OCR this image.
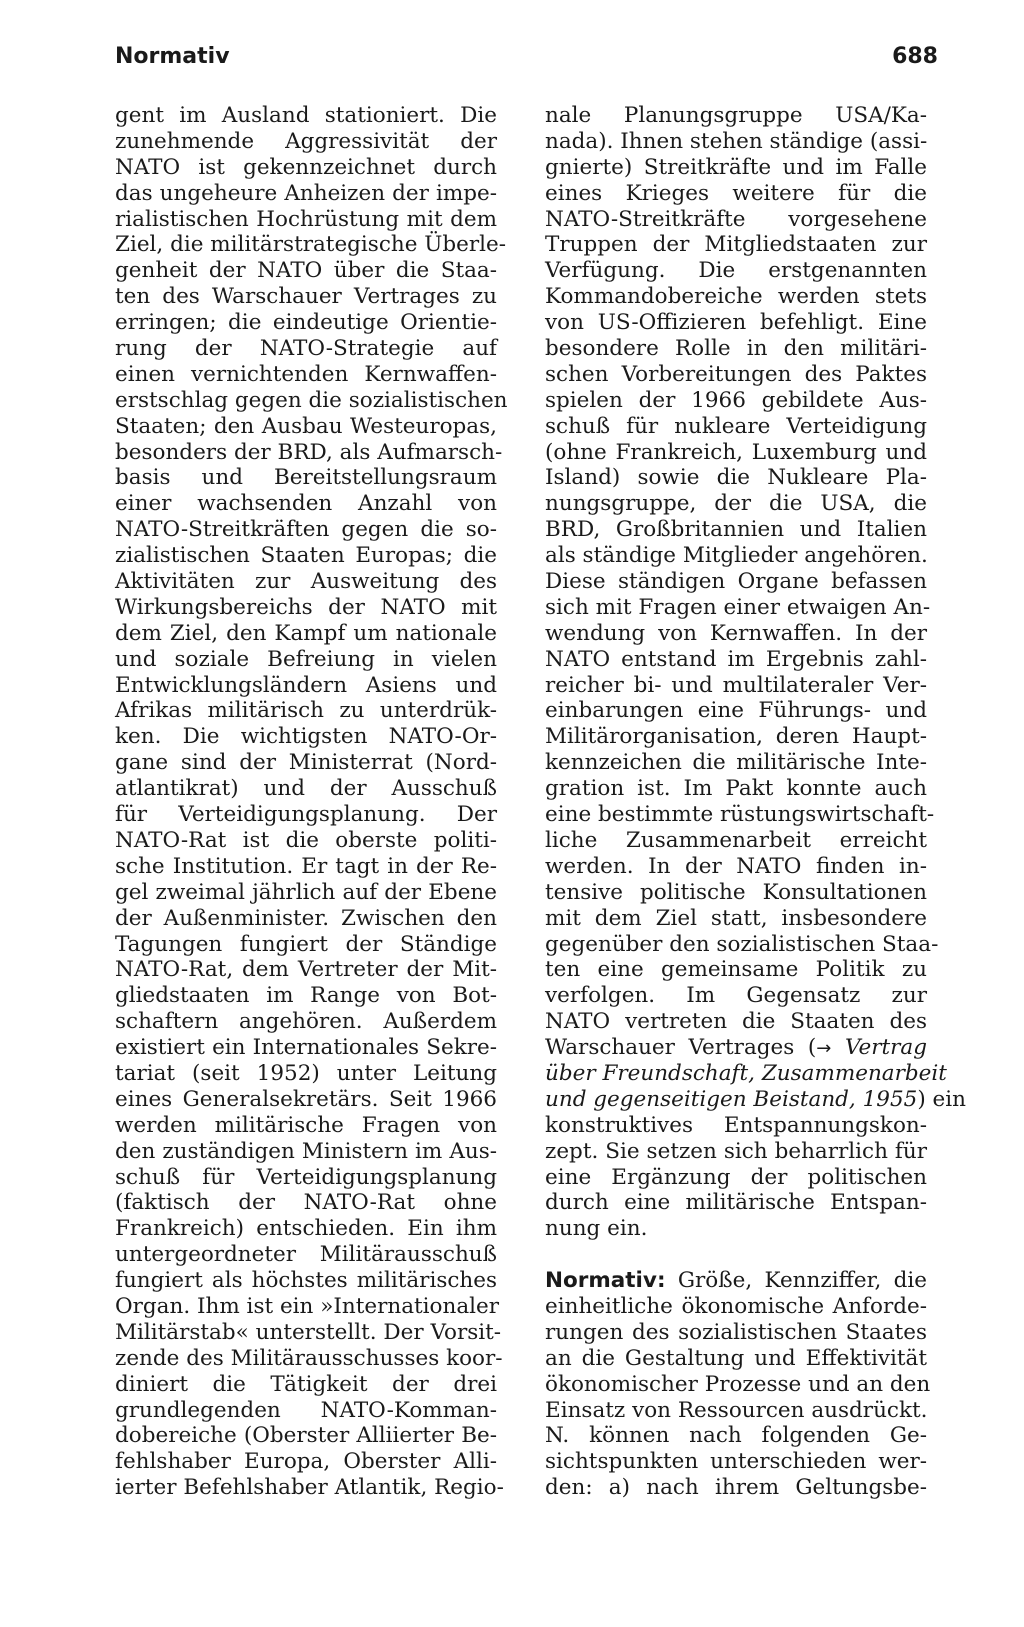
Normativ	688
gent im Ausland stationiert. Die
zunehmende Aggressivität der
NATO ist gekennzeichnet durch
das ungeheure Anheizen der impe-
rialistischen Hochrüstung mit dem
Ziel, die militärstrategische Überle-
genheit der NATO über die Staa-
ten des Warschauer Vertrages zu
erringen; die eindeutige Orientie-
rung der NATO-Strategie auf
einen vernichtenden Kernwaffen-
erstschlag gegen die sozialistischen
Staaten; den Ausbau Westeuropas,
besonders der BRD, als Aufmarsch-
basis und Bereitstellungsraum
einer wachsenden Anzahl von
NATO-Streitkräften gegen die so-
zialistischen Staaten Europas; die
Aktivitäten zur Ausweitung des
Wirkungsbereichs der NATO mit
dem Ziel, den Kampf um nationale
und soziale Befreiung in vielen
Entwicklungsländern Asiens und
Afrikas militärisch zu unterdrük-
ken. Die wichtigsten NATO-Or-
gane sind der Ministerrat (Nord-
atlantikrat) und der Ausschuß
für Verteidigungsplanung. Der
NATO-Rat ist die oberste politi-
sche Institution. Er tagt in der Re-
gel zweimal jährlich auf der Ebene
der Außenminister. Zwischen den
Tagungen fungiert der Ständige
NATO-Rat, dem Vertreter der Mit-
gliedstaaten im Range von Bot-
schaftern angehören. Außerdem
existiert ein Internationales Sekre-
tariat (seit 1952) unter Leitung
eines Generalsekretärs. Seit 1966
werden militärische Fragen von
den zuständigen Ministern im Aus-
schuß für Verteidigungsplanung
(faktisch der NATO-Rat ohne
Frankreich) entschieden. Ein ihm
untergeordneter Militärausschuß
fungiert als höchstes militärisches
Organ. Ihm ist ein »Internationaler
Militärstab« unterstellt. Der Vorsit-
zende des Militärausschusses koor-
diniert die Tätigkeit der drei
grundlegenden NATO-Komman-
dobereiche (Oberster Alliierter Be-
fehlshaber Europa, Oberster Alli-
ierter Befehlshaber Atlantik, Regio-
nale Planungsgruppe USA/Ka-
nada). Ihnen stehen ständige (assi-
gnierte) Streitkräfte und im Falle
eines Krieges weitere für die
NATO-Streitkräfte vorgesehene
Truppen der Mitgliedstaaten zur
Verfügung. Die erstgenannten
Kommandobereiche werden stets
von US-Offizieren befehligt. Eine
besondere Rolle in den militäri-
schen Vorbereitungen des Paktes
spielen der 1966 gebildete Aus-
schuß für nukleare Verteidigung
(ohne Frankreich, Luxemburg und
Island) sowie die Nukleare Pla-
nungsgruppe, der die USA, die
BRD, Großbritannien und Italien
als ständige Mitglieder angehören.
Diese ständigen Organe befassen
sich mit Fragen einer etwaigen An-
wendung von Kernwaffen. In der
NATO entstand im Ergebnis zahl-
reicher bi- und multilateraler Ver-
einbarungen eine Führungs- und
Militärorganisation, deren Haupt-
kennzeichen die militärische Inte-
gration ist. Im Pakt konnte auch
eine bestimmte rüstungswirtschaft-
liche Zusammenarbeit erreicht
werden. In der NATO finden in-
tensive politische Konsultationen
mit dem Ziel statt, insbesondere
gegenüber den sozialistischen Staa-
ten eine gemeinsame Politik zu
verfolgen. Im Gegensatz zur
NATO vertreten die Staaten des
Warschauer Vertrages (→ Vertrag
über Freundschaft, Zusammenarbeit
und gegenseitigen Beistand, 1955) ein
konstruktives Entspannungskon-
zept. Sie setzen sich beharrlich für
eine Ergänzung der politischen
durch eine militärische Entspan-
nung ein.
Normativ: Größe, Kennziffer, die
einheitliche ökonomische Anforde-
rungen des sozialistischen Staates
an die Gestaltung und Effektivität
ökonomischer Prozesse und an den
Einsatz von Ressourcen ausdrückt.
N. können nach folgenden Ge-
sichtspunkten unterschieden wer-
den: a) nach ihrem Geltungsbe-
